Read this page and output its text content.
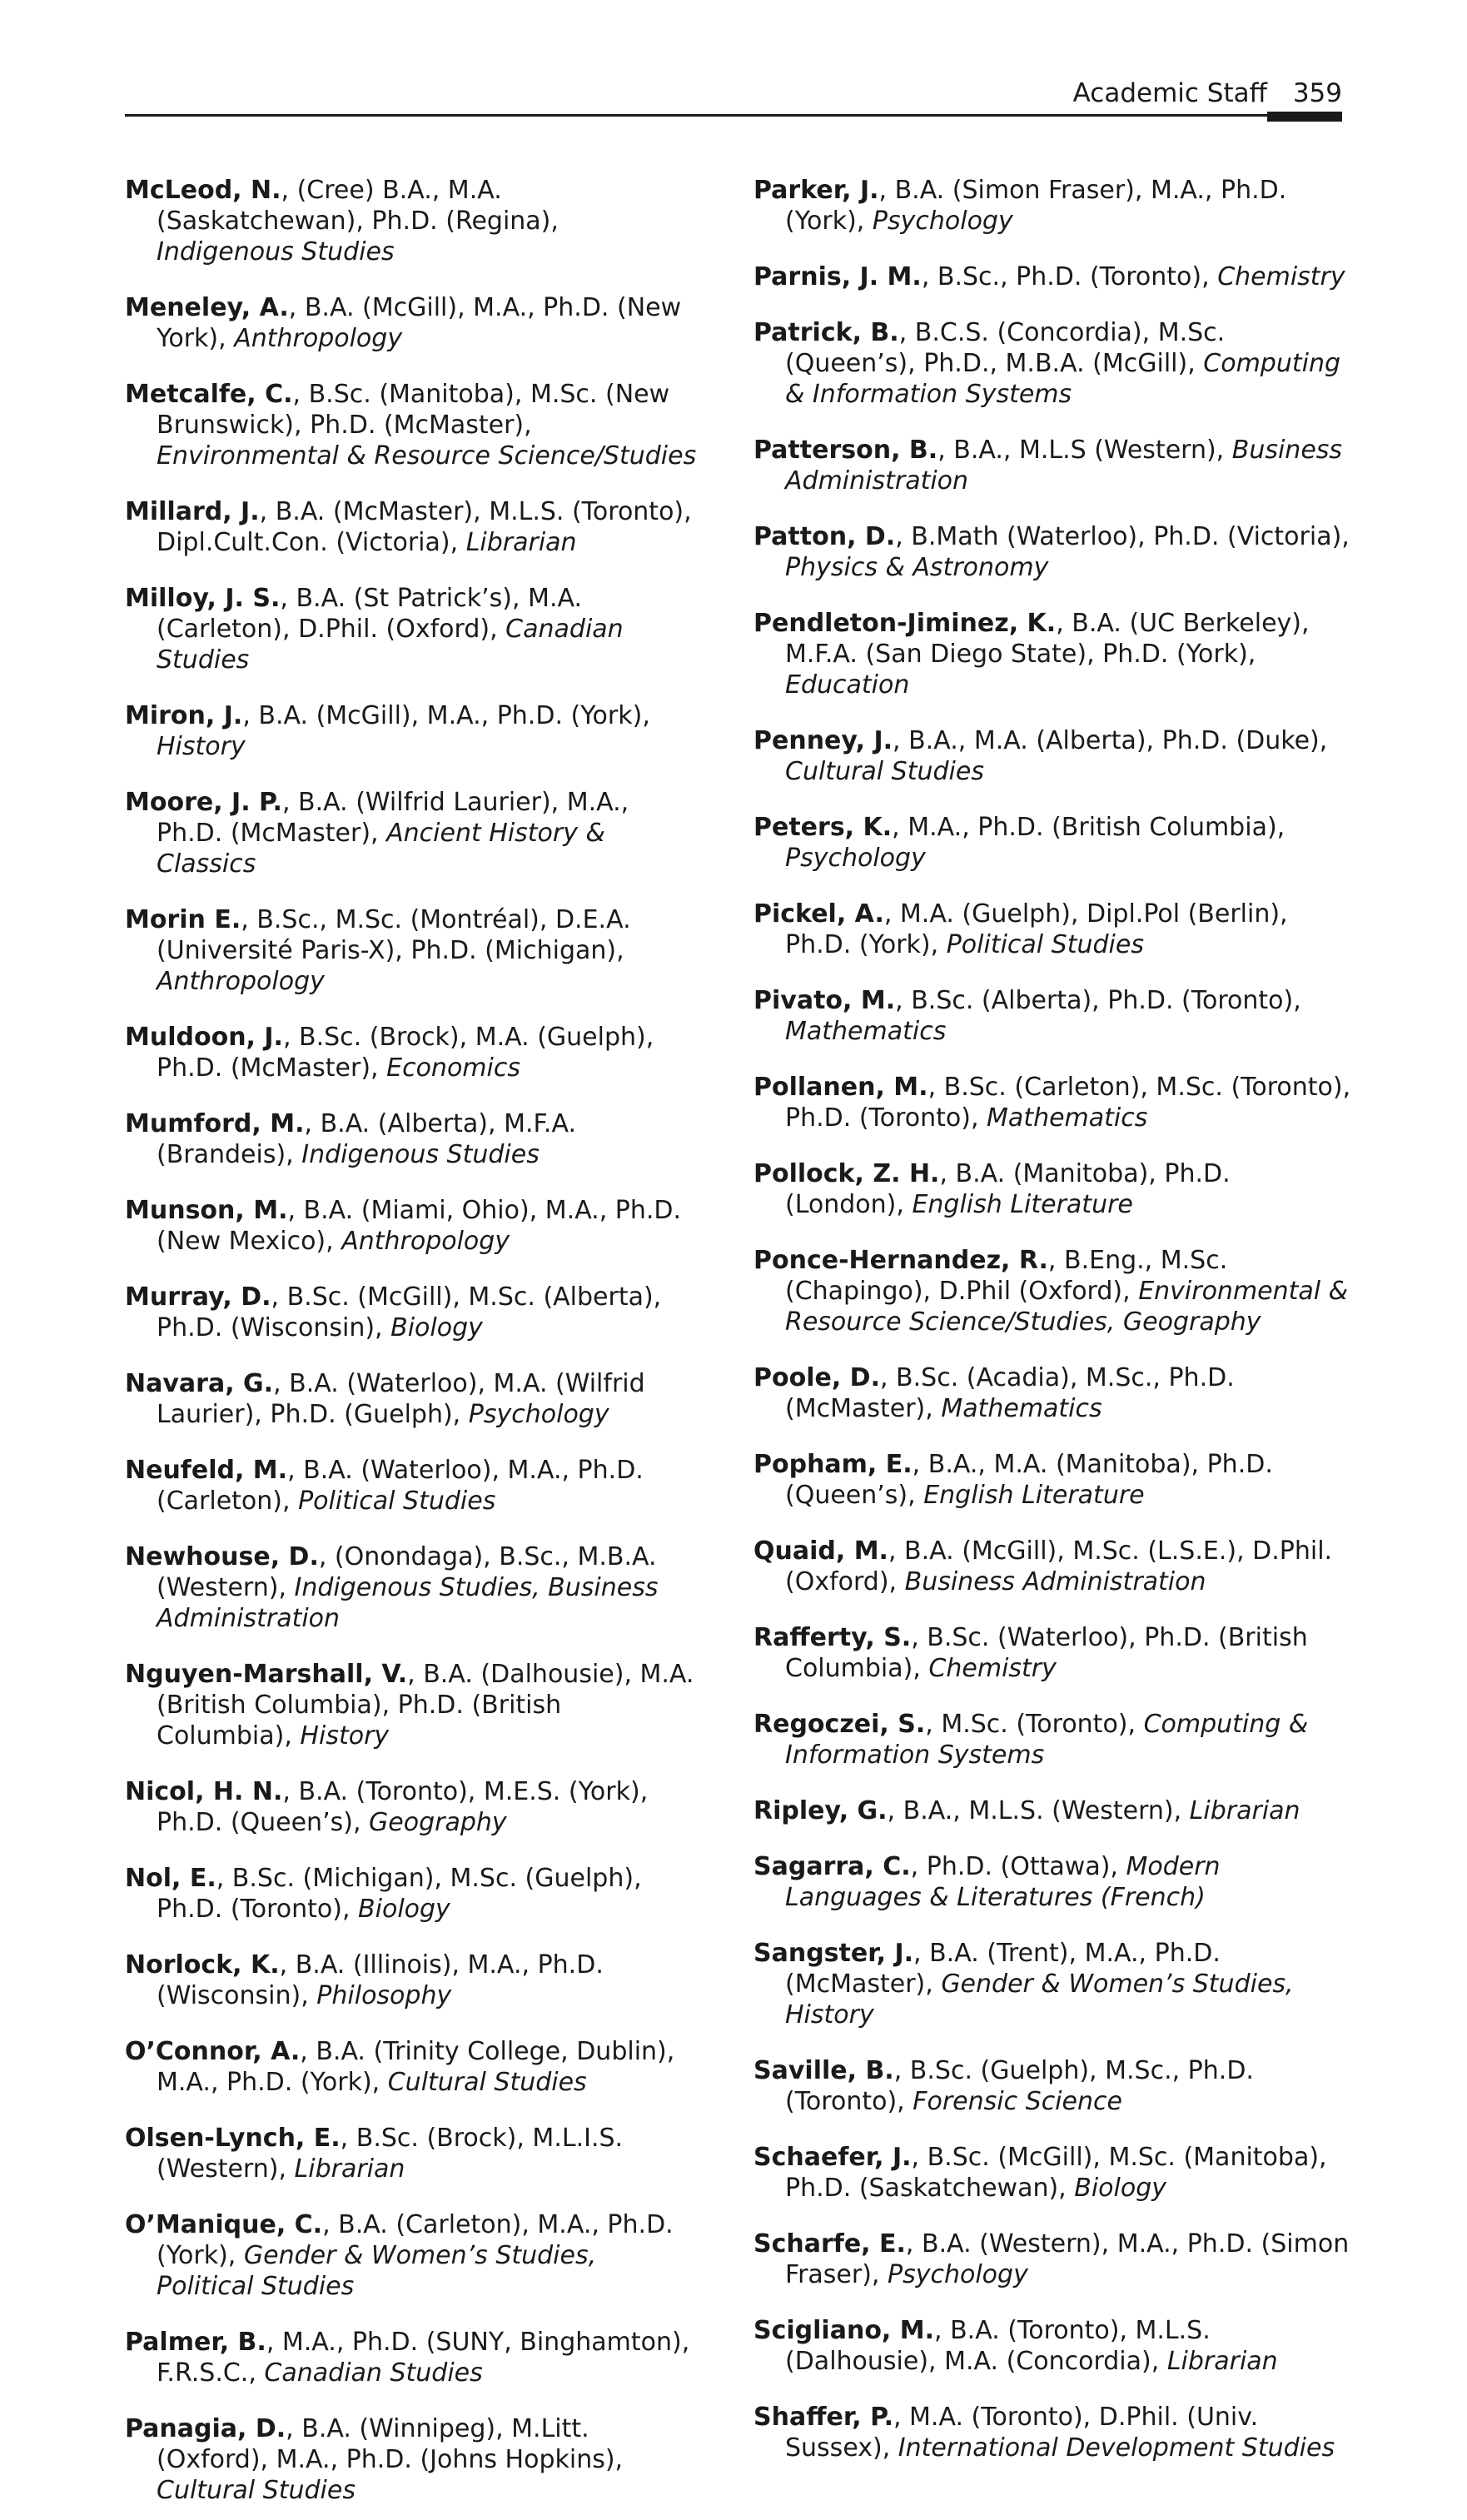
Academic Staff 359

McLeod, N., (Cree) B.A., M.A. (Saskatchewan), Ph.D. (Regina), Indigenous Studies

Meneley, A., B.A. (McGill), M.A., Ph.D. (New York), Anthropology

Metcalfe, C., B.Sc. (Manitoba), M.Sc. (New Brunswick), Ph.D. (McMaster), Environmental & Resource Science/Studies

Millard, J., B.A. (McMaster), M.L.S. (Toronto), Dipl.Cult.Con. (Victoria), Librarian

Milloy, J. S., B.A. (St Patrick’s), M.A. (Carleton), D.Phil. (Oxford), Canadian Studies

Miron, J., B.A. (McGill), M.A., Ph.D. (York), History

Moore, J. P., B.A. (Wilfrid Laurier), M.A., Ph.D. (McMaster), Ancient History & Classics

Morin E., B.Sc., M.Sc. (Montréal), D.E.A. (Université Paris-X), Ph.D. (Michigan), Anthropology

Muldoon, J., B.Sc. (Brock), M.A. (Guelph), Ph.D. (McMaster), Economics

Mumford, M., B.A. (Alberta), M.F.A. (Brandeis), Indigenous Studies

Munson, M., B.A. (Miami, Ohio), M.A., Ph.D. (New Mexico), Anthropology

Murray, D., B.Sc. (McGill), M.Sc. (Alberta), Ph.D. (Wisconsin), Biology

Navara, G., B.A. (Waterloo), M.A. (Wilfrid Laurier), Ph.D. (Guelph), Psychology

Neufeld, M., B.A. (Waterloo), M.A., Ph.D. (Carleton), Political Studies

Newhouse, D., (Onondaga), B.Sc., M.B.A. (Western), Indigenous Studies, Business Administration

Nguyen-Marshall, V., B.A. (Dalhousie), M.A. (British Columbia), Ph.D. (British Columbia), History

Nicol, H. N., B.A. (Toronto), M.E.S. (York), Ph.D. (Queen’s), Geography

Nol, E., B.Sc. (Michigan), M.Sc. (Guelph), Ph.D. (Toronto), Biology

Norlock, K., B.A. (Illinois), M.A., Ph.D. (Wisconsin), Philosophy

O’Connor, A., B.A. (Trinity College, Dublin), M.A., Ph.D. (York), Cultural Studies

Olsen-Lynch, E., B.Sc. (Brock), M.L.I.S. (Western), Librarian

O’Manique, C., B.A. (Carleton), M.A., Ph.D. (York), Gender & Women’s Studies, Political Studies

Palmer, B., M.A., Ph.D. (SUNY, Binghamton), F.R.S.C., Canadian Studies

Panagia, D., B.A. (Winnipeg), M.Litt. (Oxford), M.A., Ph.D. (Johns Hopkins), Cultural Studies

Parker, J., B.A. (Simon Fraser), M.A., Ph.D. (York), Psychology

Parnis, J. M., B.Sc., Ph.D. (Toronto), Chemistry

Patrick, B., B.C.S. (Concordia), M.Sc. (Queen’s), Ph.D., M.B.A. (McGill), Computing & Information Systems

Patterson, B., B.A., M.L.S (Western), Business Administration

Patton, D., B.Math (Waterloo), Ph.D. (Victoria), Physics & Astronomy

Pendleton-Jiminez, K., B.A. (UC Berkeley), M.F.A. (San Diego State), Ph.D. (York), Education

Penney, J., B.A., M.A. (Alberta), Ph.D. (Duke), Cultural Studies

Peters, K., M.A., Ph.D. (British Columbia), Psychology

Pickel, A., M.A. (Guelph), Dipl.Pol (Berlin), Ph.D. (York), Political Studies

Pivato, M., B.Sc. (Alberta), Ph.D. (Toronto), Mathematics

Pollanen, M., B.Sc. (Carleton), M.Sc. (Toronto), Ph.D. (Toronto), Mathematics

Pollock, Z. H., B.A. (Manitoba), Ph.D. (London), English Literature

Ponce-Hernandez, R., B.Eng., M.Sc. (Chapingo), D.Phil (Oxford), Environmental & Resource Science/Studies, Geography

Poole, D., B.Sc. (Acadia), M.Sc., Ph.D. (McMaster), Mathematics

Popham, E., B.A., M.A. (Manitoba), Ph.D. (Queen’s), English Literature

Quaid, M., B.A. (McGill), M.Sc. (L.S.E.), D.Phil. (Oxford), Business Administration

Rafferty, S., B.Sc. (Waterloo), Ph.D. (British Columbia), Chemistry

Regoczei, S., M.Sc. (Toronto), Computing & Information Systems

Ripley, G., B.A., M.L.S. (Western), Librarian

Sagarra, C., Ph.D. (Ottawa), Modern Languages & Literatures (French)

Sangster, J., B.A. (Trent), M.A., Ph.D. (McMaster), Gender & Women’s Studies, History

Saville, B., B.Sc. (Guelph), M.Sc., Ph.D. (Toronto), Forensic Science

Schaefer, J., B.Sc. (McGill), M.Sc. (Manitoba), Ph.D. (Saskatchewan), Biology

Scharfe, E., B.A. (Western), M.A., Ph.D. (Simon Fraser), Psychology

Scigliano, M., B.A. (Toronto), M.L.S. (Dalhousie), M.A. (Concordia), Librarian

Shaffer, P., M.A. (Toronto), D.Phil. (Univ. Sussex), International Development Studies
